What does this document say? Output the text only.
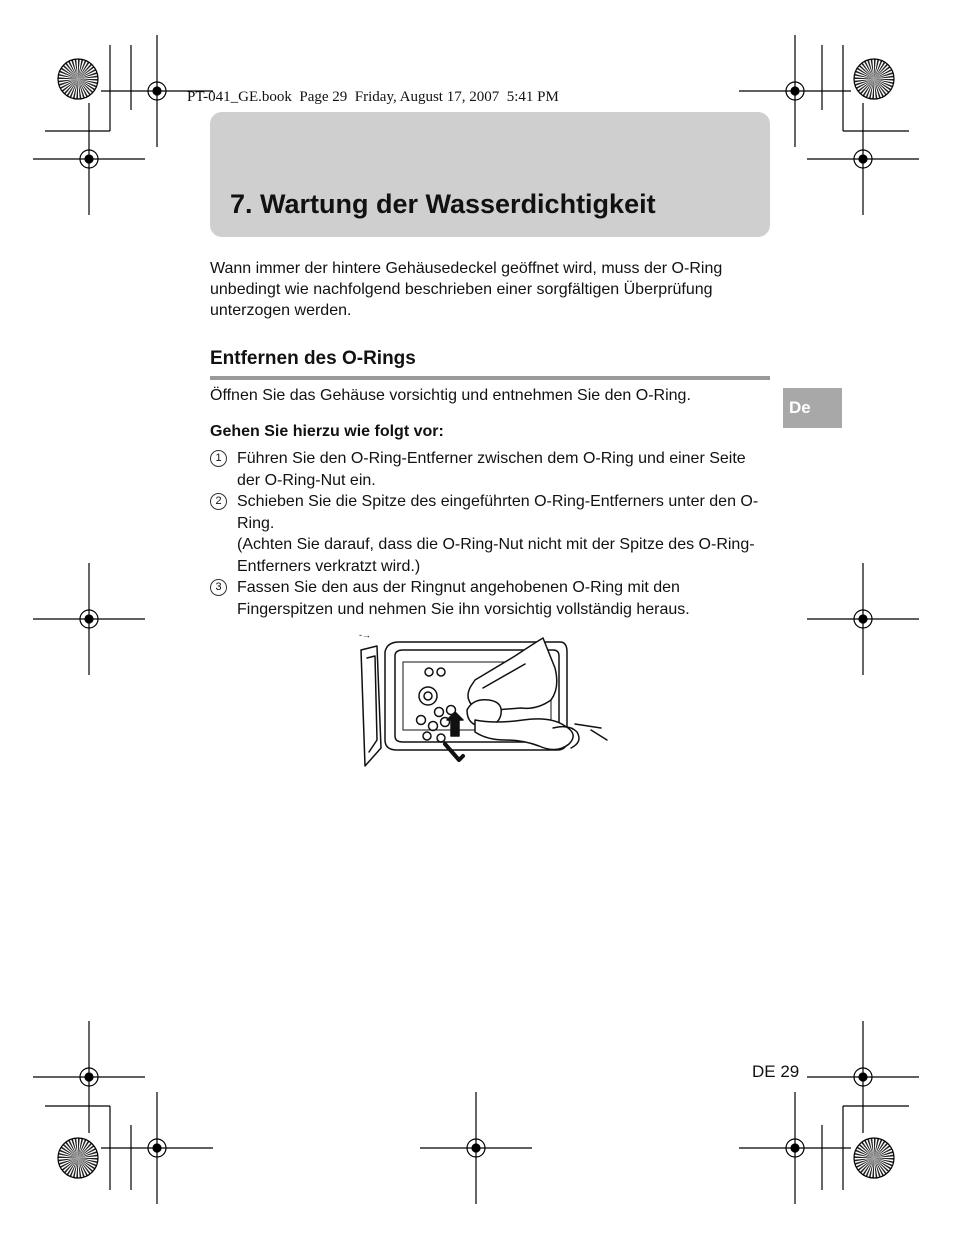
PT-041_GE.book  Page 29  Friday, August 17, 2007  5:41 PM
7. Wartung der Wasserdichtigkeit
Wann immer der hintere Gehäusedeckel geöffnet wird, muss der O-Ring unbedingt wie nachfolgend beschrieben einer sorgfältigen Überprüfung unterzogen werden.
Entfernen des O-Rings
Öffnen Sie das Gehäuse vorsichtig und entnehmen Sie den O-Ring.
Gehen Sie hierzu wie folgt vor:
1 Führen Sie den O-Ring-Entferner zwischen dem O-Ring und einer Seite der O-Ring-Nut ein.
2 Schieben Sie die Spitze des eingeführten O-Ring-Entferners unter den O-Ring.
(Achten Sie darauf, dass die O-Ring-Nut nicht mit der Spitze des O-Ring-Entferners verkratzt wird.)
3 Fassen Sie den aus der Ringnut angehobenen O-Ring mit den Fingerspitzen und nehmen Sie ihn vorsichtig vollständig heraus.
‐→
De
DE 29
